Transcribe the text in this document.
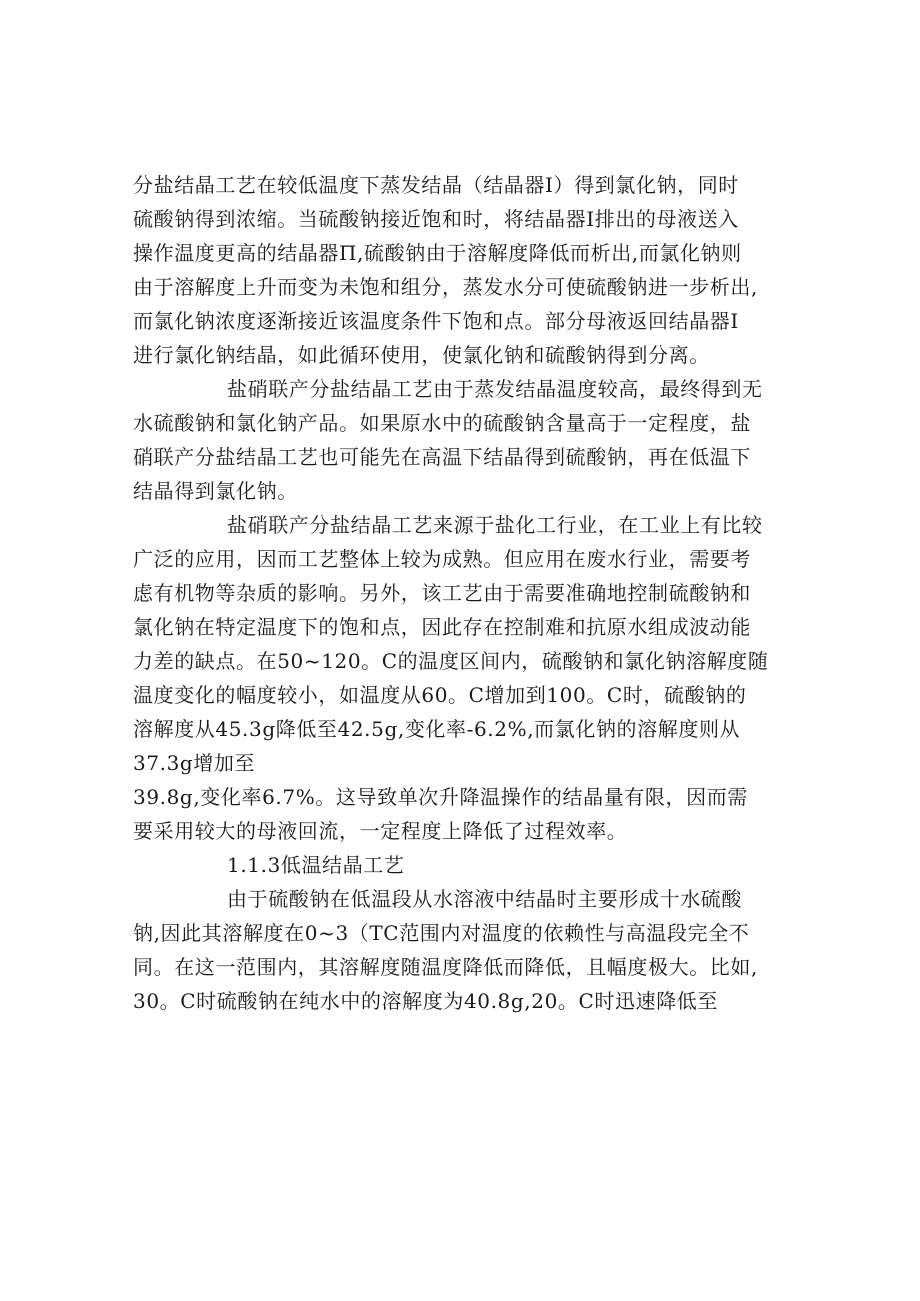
分盐结晶工艺在较低温度下蒸发结晶（结晶器Ⅰ）得到氯化钠，同时
硫酸钠得到浓缩。当硫酸钠接近饱和时，将结晶器Ⅰ排出的母液送入
操作温度更高的结晶器Π,硫酸钠由于溶解度降低而析出,而氯化钠则
由于溶解度上升而变为未饱和组分，蒸发水分可使硫酸钠进一步析出,
而氯化钠浓度逐渐接近该温度条件下饱和点。部分母液返回结晶器Ⅰ
进行氯化钠结晶，如此循环使用，使氯化钠和硫酸钠得到分离。
盐硝联产分盐结晶工艺由于蒸发结晶温度较高，最终得到无
水硫酸钠和氯化钠产品。如果原水中的硫酸钠含量高于一定程度，盐
硝联产分盐结晶工艺也可能先在高温下结晶得到硫酸钠，再在低温下
结晶得到氯化钠。
盐硝联产分盐结晶工艺来源于盐化工行业，在工业上有比较
广泛的应用，因而工艺整体上较为成熟。但应用在废水行业，需要考
虑有机物等杂质的影响。另外，该工艺由于需要准确地控制硫酸钠和
氯化钠在特定温度下的饱和点，因此存在控制难和抗原水组成波动能
力差的缺点。在50~120。C的温度区间内，硫酸钠和氯化钠溶解度随
温度变化的幅度较小，如温度从60。C增加到100。C时，硫酸钠的
溶解度从45.3g降低至42.5g,变化率-6.2%,而氯化钠的溶解度则从
37.3g增加至
39.8g,变化率6.7%。这导致单次升降温操作的结晶量有限，因而需
要采用较大的母液回流，一定程度上降低了过程效率。
1.1.3低温结晶工艺
由于硫酸钠在低温段从水溶液中结晶时主要形成十水硫酸
钠,因此其溶解度在0~3（TC范围内对温度的依赖性与高温段完全不
同。在这一范围内，其溶解度随温度降低而降低，且幅度极大。比如,
30。C时硫酸钠在纯水中的溶解度为40.8g,20。C时迅速降低至
